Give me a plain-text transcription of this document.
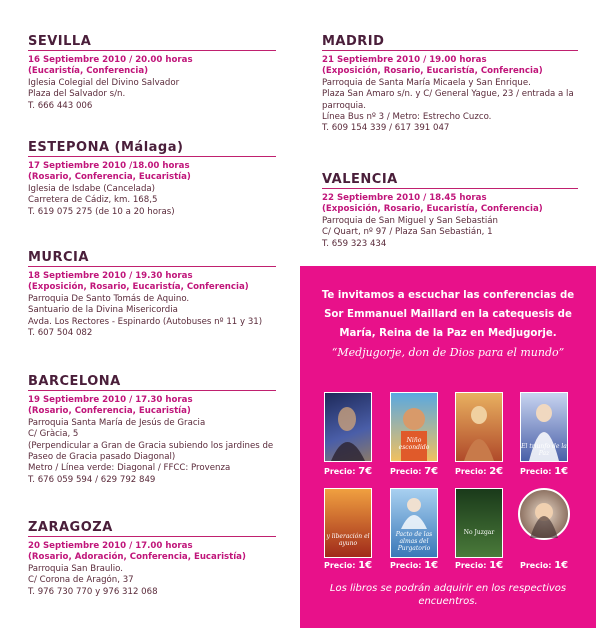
SEVILLA
16 Septiembre 2010 / 20.00 horas
(Eucaristía, Conferencia)
Iglesia Colegial del Divino Salvador
Plaza del Salvador s/n.
T. 666 443 006
ESTEPONA (Málaga)
17 Septiembre 2010 /18.00 horas
(Rosario, Conferencia, Eucaristía)
Iglesia de Isdabe (Cancelada)
Carretera de Cádiz, km. 168,5
T. 619 075 275 (de 10 a 20 horas)
MURCIA
18 Septiembre 2010 / 19.30 horas
(Exposición, Rosario, Eucaristía, Conferencia)
Parroquia De Santo Tomás de Aquino.
Santuario de la Divina Misericordia
Avda. Los Rectores - Espinardo (Autobuses nº 11 y 31)
T. 607 504 082
BARCELONA
19 Septiembre 2010 / 17.30 horas
(Rosario, Conferencia, Eucaristía)
Parroquia Santa María de Jesús de Gracia
C/ Gràcia, 5
(Perpendicular a Gran de Gracia subiendo los jardines de
Paseo de Gracia pasado Diagonal)
Metro / Línea verde: Diagonal / FFCC: Provenza
T. 676 059 594 / 629 792 849
ZARAGOZA
20 Septiembre 2010 / 17.00 horas
(Rosario, Adoración, Conferencia, Eucaristía)
Parroquia San Braulio.
C/ Corona de Aragón, 37
T. 976 730 770 y 976 312 068
MADRID
21 Septiembre 2010 / 19.00 horas
(Exposición, Rosario, Eucaristía, Conferencia)
Parroquia de Santa María Micaela y San Enrique.
Plaza San Amaro s/n. y C/ General Yague, 23 / entrada a la
parroquia.
Línea Bus nº 3 / Metro: Estrecho Cuzco.
T. 609 154 339 / 617 391 047
VALENCIA
22 Septiembre 2010 / 18.45 horas
(Exposición, Rosario, Eucaristía, Conferencia)
Parroquia de San Miguel y San Sebastián
C/ Quart, nº 97 / Plaza San Sebastián, 1
T. 659 323 434
Te invitamos a escuchar las conferencias de
Sor Emmanuel Maillard en la catequesis de
María, Reina de la Paz en Medjugorje.
“Medjugorje, don de Dios para el mundo”
Niño escondido	El triunfo de la Paz
Precio: 7€	Precio: 7€	Precio: 2€	Precio: 1€
y liberación el ayuno
Pacto de las almas del Purgatorio
No Juzgar
Precio: 1€	Precio: 1€	Precio: 1€	Precio: 1€
Los libros se podrán adquirir en los respectivos
encuentros.
